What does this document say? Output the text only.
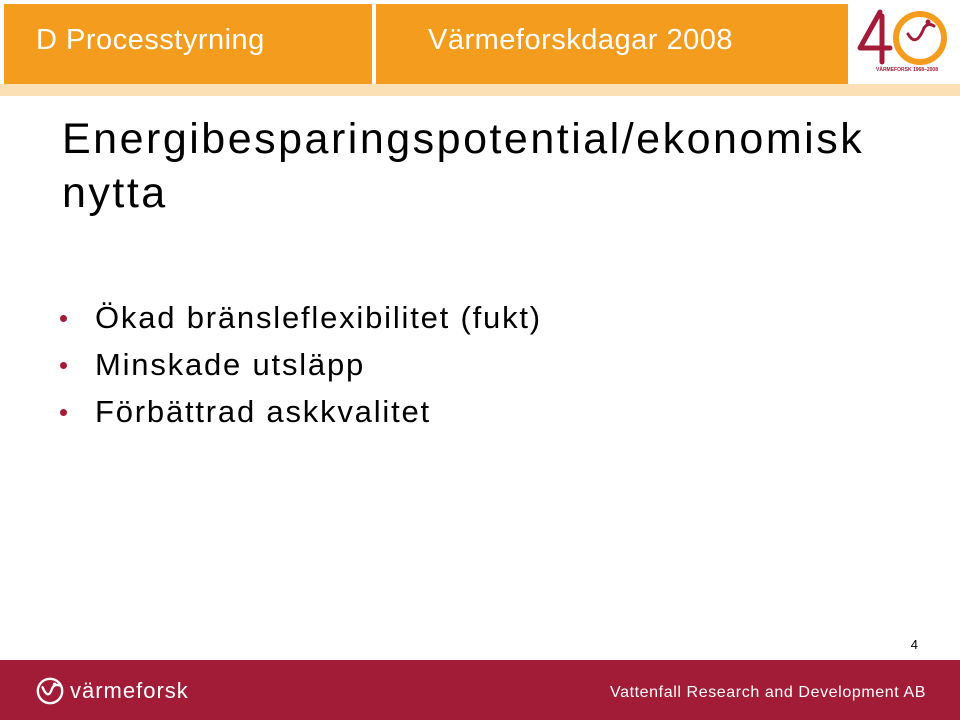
D Processtyrning	Värmeforskdagar 2008
VÄRMEFORSK 1968–2008
Energibesparingspotential/ekonomisk nytta
Ökad bränsleflexibilitet (fukt)
Minskade utsläpp
Förbättrad askkvalitet
4
värmeforsk	Vattenfall Research and Development AB
